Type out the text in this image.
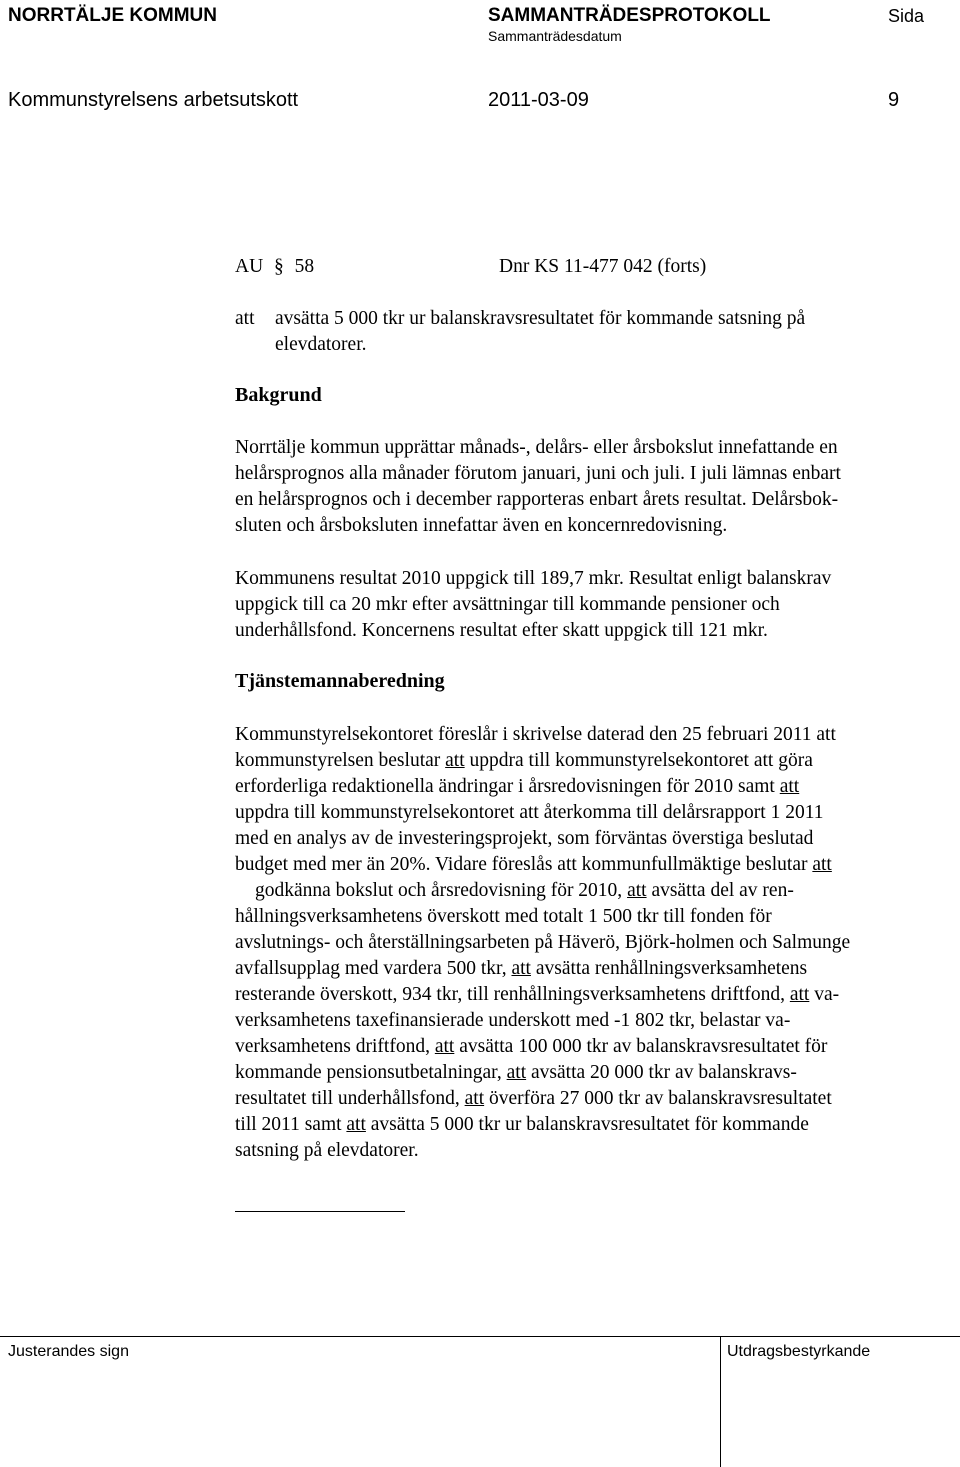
NORRTÄLJE KOMMUN	SAMMANTRÄDESPROTOKOLL	Sida
Sammanträdesdatum
Kommunstyrelsens arbetsutskott	2011-03-09	9
AU § 58	Dnr KS 11-477 042 (forts)
att	avsätta 5 000 tkr ur balanskravsresultatet för kommande satsning på
elevdatorer.
Bakgrund
Norrtälje kommun upprättar månads-, delårs- eller årsbokslut innefattande en
helårsprognos alla månader förutom januari, juni och juli. I juli lämnas enbart
en helårsprognos och i december rapporteras enbart årets resultat. Delårsbok-
sluten och årsboksluten innefattar även en koncernredovisning.
Kommunens resultat 2010 uppgick till 189,7 mkr. Resultat enligt balanskrav
uppgick till ca 20 mkr efter avsättningar till kommande pensioner och
underhållsfond. Koncernens resultat efter skatt uppgick till 121 mkr.
Tjänstemannaberedning
Kommunstyrelsekontoret föreslår i skrivelse daterad den 25 februari 2011 att
kommunstyrelsen beslutar att uppdra till kommunstyrelsekontoret att göra
erforderliga redaktionella ändringar i årsredovisningen för 2010 samt att
uppdra till kommunstyrelsekontoret att återkomma till delårsrapport 1 2011
med en analys av de investeringsprojekt, som förväntas överstiga beslutad
budget med mer än 20%. Vidare föreslås att kommunfullmäktige beslutar att
godkänna bokslut och årsredovisning för 2010, att avsätta del av ren-
hållningsverksamhetens överskott med totalt 1 500 tkr till fonden för
avslutnings- och återställningsarbeten på Häverö, Björk-holmen och Salmunge
avfallsupplag med vardera 500 tkr, att avsätta renhållningsverksamhetens
resterande överskott, 934 tkr, till renhållningsverksamhetens driftfond, att va-
verksamhetens taxefinansierade underskott med -1 802 tkr, belastar va-
verksamhetens driftfond, att avsätta 100 000 tkr av balanskravsresultatet för
kommande pensionsutbetalningar, att avsätta 20 000 tkr av balanskravs-
resultatet till underhållsfond, att överföra 27 000 tkr av balanskravsresultatet
till 2011 samt att avsätta 5 000 tkr ur balanskravsresultatet för kommande
satsning på elevdatorer.
Justerandes sign	Utdragsbestyrkande
